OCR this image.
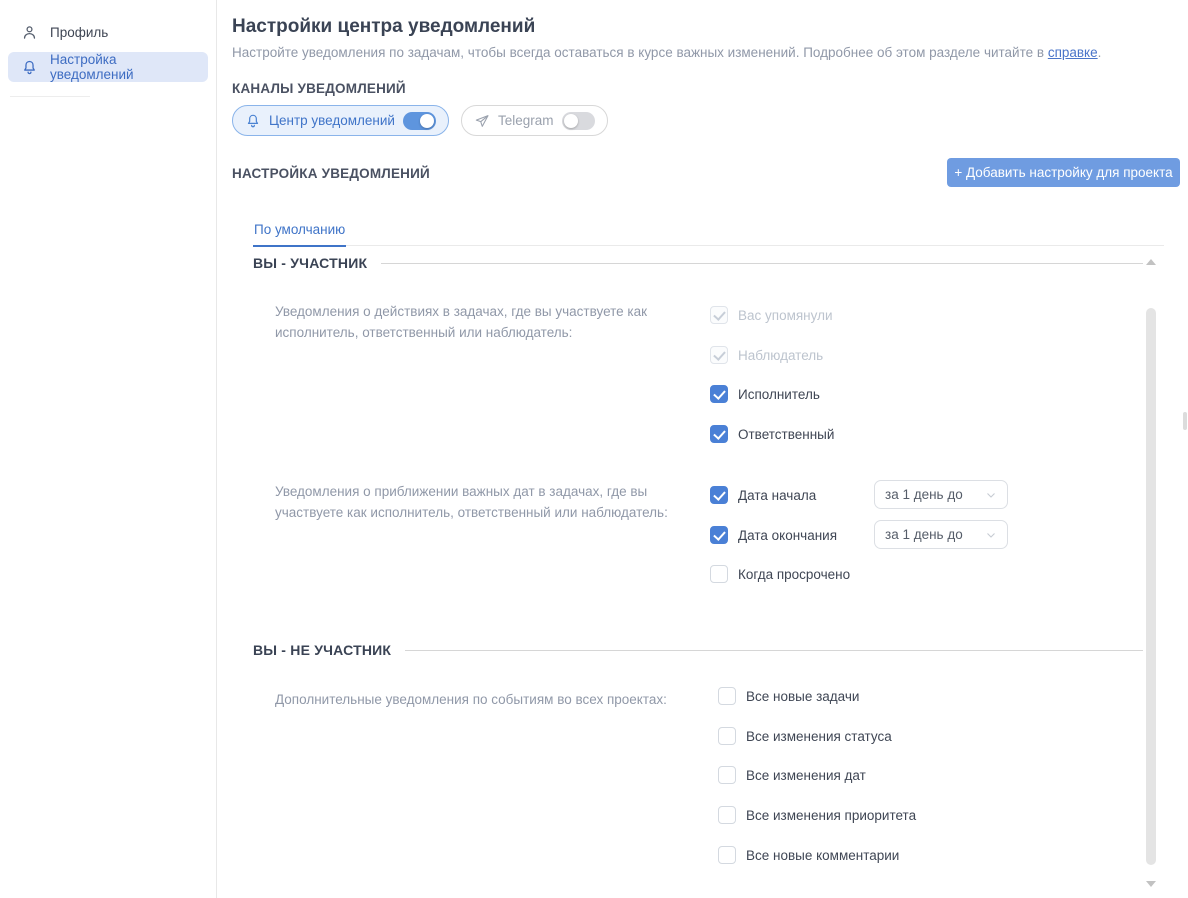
Профиль
Настройка уведомлений
Настройки центра уведомлений

Настройте уведомления по задачам, чтобы всегда оставаться в курсе важных изменений. Подробнее об этом разделе читайте в справке.

КАНАЛЫ УВЕДОМЛЕНИЙ
Центр уведомлений	Telegram
НАСТРОЙКА УВЕДОМЛЕНИЙ	+ Добавить настройку для проекта
По умолчанию
ВЫ - УЧАСТНИК
Уведомления о действиях в задачах, где вы участвуете как исполнитель, ответственный или наблюдатель:
Вас упомянули
Наблюдатель
Исполнитель
Ответственный
Уведомления о приближении важных дат в задачах, где вы участвуете как исполнитель, ответственный или наблюдатель:
Дата начала	за 1 день до
Дата окончания	за 1 день до
Когда просрочено
ВЫ - НЕ УЧАСТНИК
Дополнительные уведомления по событиям во всех проектах:	Все новые задачи
Все изменения статуса
Все изменения дат
Все изменения приоритета
Все новые комментарии
